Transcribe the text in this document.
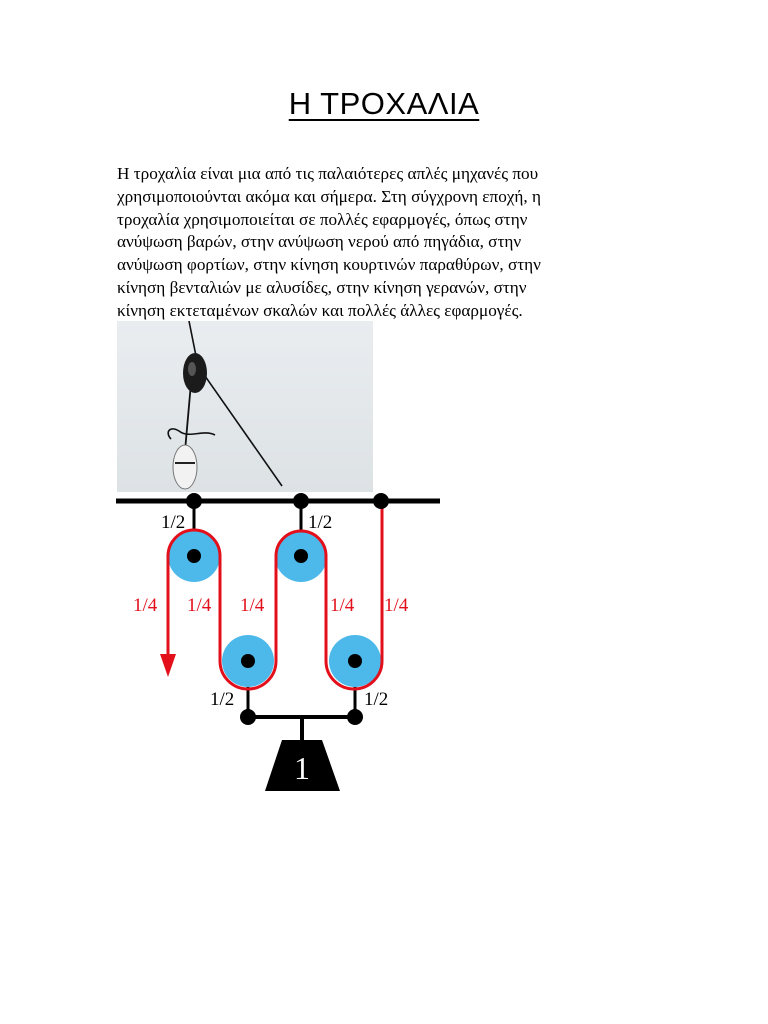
Η ΤΡΟΧΑΛΙΑ
Η τροχαλία είναι μια από τις παλαιότερες απλές μηχανές που
χρησιμοποιούνται ακόμα και σήμερα. Στη σύγχρονη εποχή, η
τροχαλία χρησιμοποιείται σε πολλές εφαρμογές, όπως στην
ανύψωση βαρών, στην ανύψωση νερού από πηγάδια, στην
ανύψωση φορτίων, στην κίνηση κουρτινών παραθύρων, στην
κίνηση βενταλιών με αλυσίδες, στην κίνηση γερανών, στην
κίνηση εκτεταμένων σκαλών και πολλές άλλες εφαρμογές.
1/2	1/2
1/4 1/4 1/4	1/4 1/4
1/2	1/2
1
